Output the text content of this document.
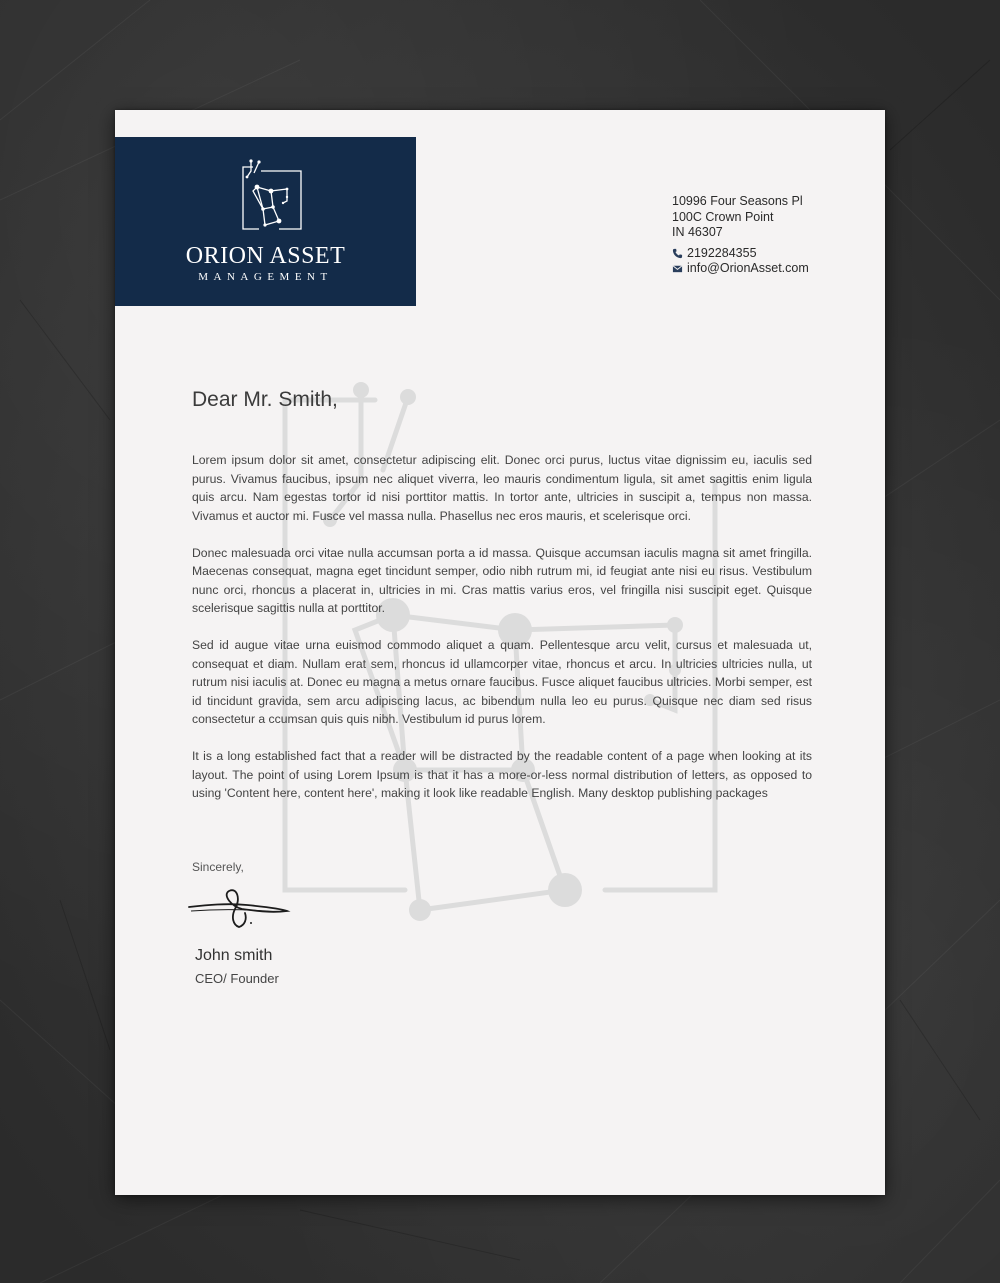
ORION ASSET
MANAGEMENT
10996 Four Seasons Pl
100C Crown Point
IN 46307
2192284355
info@OrionAsset.com
Dear Mr. Smith,

Lorem ipsum dolor sit amet, consectetur adipiscing elit. Donec orci purus, luctus vitae dignissim eu, iaculis sed purus. Vivamus faucibus, ipsum nec aliquet viverra, leo mauris condimentum ligula, sit amet sagittis enim ligula quis arcu. Nam egestas tortor id nisi porttitor mattis. In tortor ante, ultricies in suscipit a, tempus non massa. Vivamus et auctor mi. Fusce vel massa nulla. Phasellus nec eros mauris, et scelerisque orci.

Donec malesuada orci vitae nulla accumsan porta a id massa. Quisque accumsan iaculis magna sit amet fringilla. Maecenas consequat, magna eget tincidunt semper, odio nibh rutrum mi, id feugiat ante nisi eu risus. Vestibulum nunc orci, rhoncus a placerat in, ultricies in mi. Cras mattis varius eros, vel fringilla nisi suscipit eget. Quisque scelerisque sagittis nulla at porttitor.

Sed id augue vitae urna euismod commodo aliquet a quam. Pellentesque arcu velit, cursus et malesuada ut, consequat et diam. Nullam erat sem, rhoncus id ullamcorper vitae, rhoncus et arcu. In ultricies ultricies nulla, ut rutrum nisi iaculis at. Donec eu magna a metus ornare faucibus. Fusce aliquet faucibus ultricies. Morbi semper, est id tincidunt gravida, sem arcu adipiscing lacus, ac bibendum nulla leo eu purus. Quisque nec diam sed risus consectetur a ccumsan quis quis nibh. Vestibulum id purus lorem.

It is a long established fact that a reader will be distracted by the readable content of a page when looking at its layout. The point of using Lorem Ipsum is that it has a more-or-less normal distribution of letters, as opposed to using 'Content here, content here', making it look like readable English. Many desktop publishing packages

Sincerely,
John smith
CEO/ Founder
